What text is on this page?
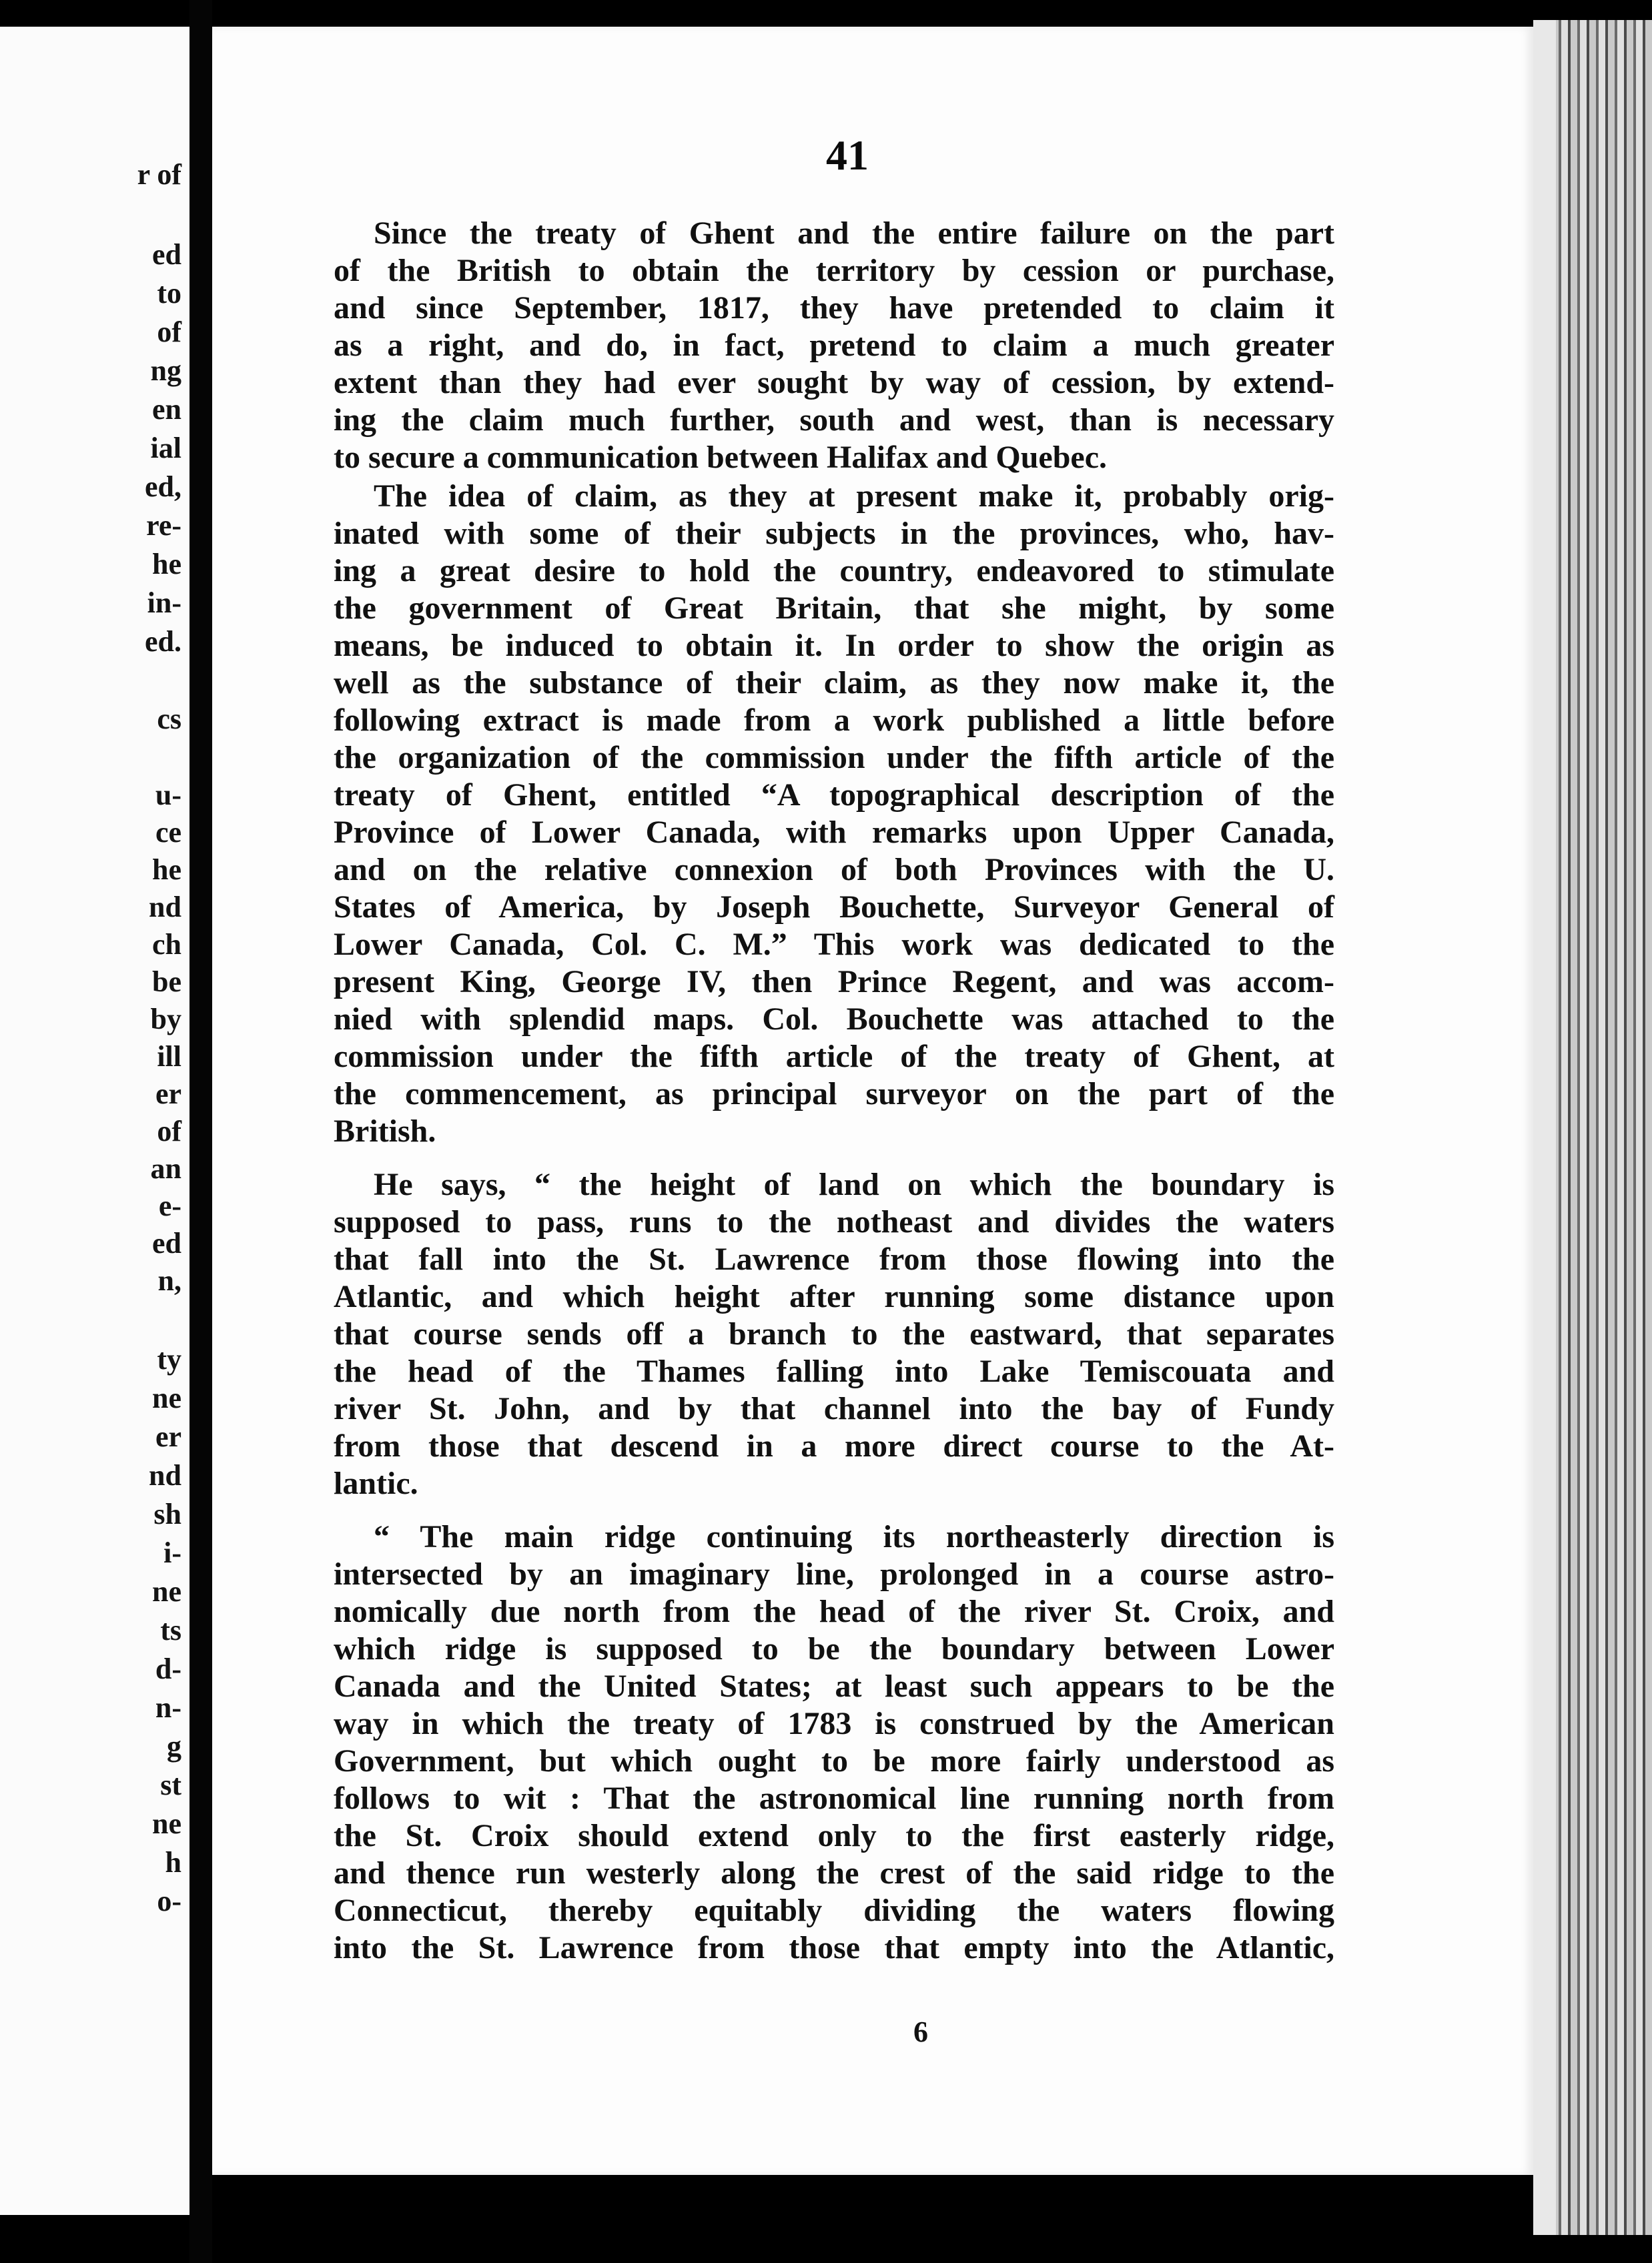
r of
ed
to
of
ng
en
ial
ed,
re-
he
in-
ed.
cs
u-
ce
he
nd
ch
be
by
ill
er
of
an
e-
ed
n,
ty
ne
er
nd
sh
i-
ne
ts
d-
n-
g
st
ne
h
o-
41
Since the treaty of Ghent and the entire failure on the part
of the British to obtain the territory by cession or purchase,
and since September, 1817, they have pretended to claim it
as a right, and do, in fact, pretend to claim a much greater
extent than they had ever sought by way of cession, by extend-
ing the claim much further, south and west, than is necessary
to secure a communication between Halifax and Quebec.
The idea of claim, as they at present make it, probably orig-
inated with some of their subjects in the provinces, who, hav-
ing a great desire to hold the country, endeavored to stimulate
the government of Great Britain, that she might, by some
means, be induced to obtain it. In order to show the origin as
well as the substance of their claim, as they now make it, the
following extract is made from a work published a little before
the organization of the commission under the fifth article of the
treaty of Ghent, entitled “A topographical description of the
Province of Lower Canada, with remarks upon Upper Canada,
and on the relative connexion of both Provinces with the U.
States of America, by Joseph Bouchette, Surveyor General of
Lower Canada, Col. C. M.” This work was dedicated to the
present King, George IV, then Prince Regent, and was accom-
nied with splendid maps. Col. Bouchette was attached to the
commission under the fifth article of the treaty of Ghent, at
the commencement, as principal surveyor on the part of the
British.
He says, “ the height of land on which the boundary is
supposed to pass, runs to the notheast and divides the waters
that fall into the St. Lawrence from those flowing into the
Atlantic, and which height after running some distance upon
that course sends off a branch to the eastward, that separates
the head of the Thames falling into Lake Temiscouata and
river St. John, and by that channel into the bay of Fundy
from those that descend in a more direct course to the At-
lantic.
“ The main ridge continuing its northeasterly direction is
intersected by an imaginary line, prolonged in a course astro-
nomically due north from the head of the river St. Croix, and
which ridge is supposed to be the boundary between Lower
Canada and the United States; at least such appears to be the
way in which the treaty of 1783 is construed by the American
Government, but which ought to be more fairly understood as
follows to wit : That the astronomical line running north from
the St. Croix should extend only to the first easterly ridge,
and thence run westerly along the crest of the said ridge to the
Connecticut, thereby equitably dividing the waters flowing
into the St. Lawrence from those that empty into the Atlantic,
6
